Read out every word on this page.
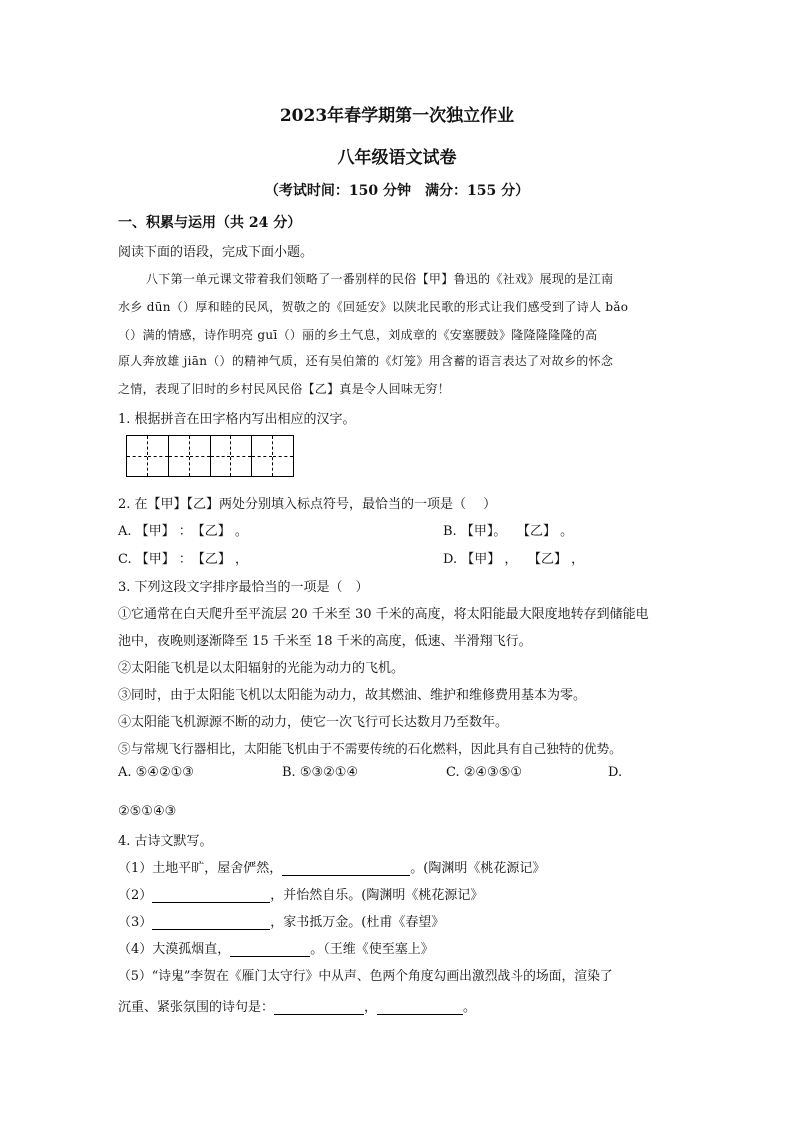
2023年春学期第一次独立作业
八年级语文试卷
（考试时间：150 分钟　满分：155 分）
一、积累与运用（共 24 分）
阅读下面的语段，完成下面小题。
八下第一单元课文带着我们领略了一番别样的民俗【甲】鲁迅的《社戏》展现的是江南
水乡 dūn（）厚和睦的民风，贺敬之的《回延安》以陕北民歌的形式让我们感受到了诗人 bǎo
（）满的情感，诗作明亮 guī（）丽的乡土气息，刘成章的《安塞腰鼓》隆隆隆隆隆的高
原人奔放雄 jiān（）的精神气质，还有吴伯箫的《灯笼》用含蓄的语言表达了对故乡的怀念
之情，表现了旧时的乡村民风民俗【乙】真是令人回味无穷！
1. 根据拼音在田字格内写出相应的汉字。
2. 在【甲】【乙】两处分别填入标点符号，最恰当的一项是（　 ）
A. 【甲】 ：　【乙】 。	B. 【甲】。　 【乙】 。
C. 【甲】 ：　【乙】 ，	D. 【甲】 ，　 【乙】 ，
3. 下列这段文字排序最恰当的一项是（　）
①它通常在白天爬升至平流层 20 千米至 30 千米的高度，将太阳能最大限度地转存到储能电
池中，夜晚则逐渐降至 15 千米至 18 千米的高度，低速、半滑翔飞行。
②太阳能飞机是以太阳辐射的光能为动力的飞机。
③同时，由于太阳能飞机以太阳能为动力，故其燃油、维护和维修费用基本为零。
④太阳能飞机源源不断的动力，使它一次飞行可长达数月乃至数年。
⑤与常规飞行器相比，太阳能飞机由于不需要传统的石化燃料，因此具有自己独特的优势。
A. ⑤④②①③	B. ⑤③②①④	C. ②④③⑤①	D.
②⑤①④③
4. 古诗文默写。
（1）土地平旷，屋舍俨然，	。(陶渊明《桃花源记》
（2）	，并怡然自乐。(陶渊明《桃花源记》
（3）	，家书抵万金。(杜甫《春望》
（4）大漠孤烟直，	。（王维《使至塞上》
（5）“诗鬼”李贺在《雁门太守行》中从声、色两个角度勾画出激烈战斗的场面，渲染了
沉重、紧张氛围的诗句是：	，	。
